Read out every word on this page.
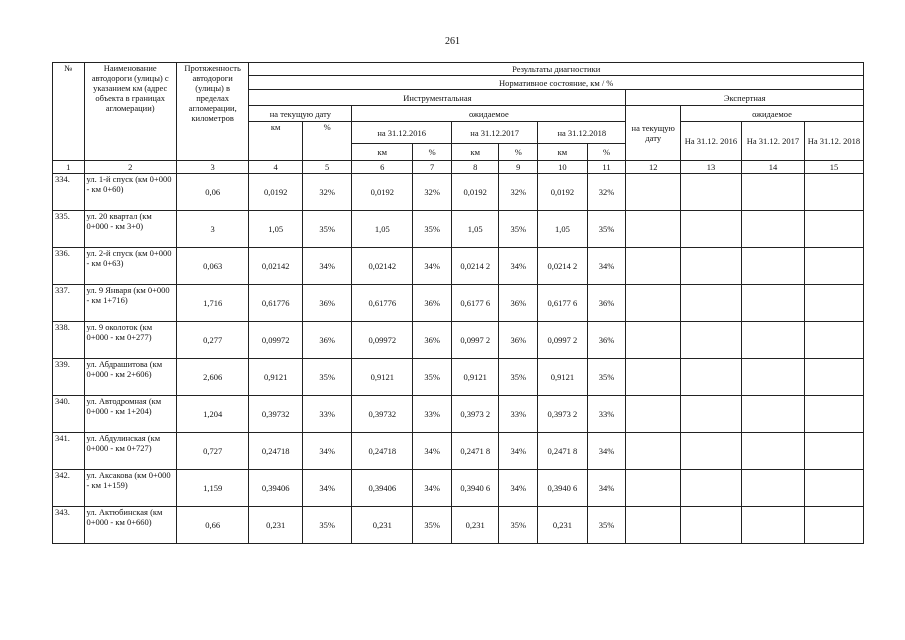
261
№	Наименование автодороги (улицы) с указанием км (адрес объекта в границах агломерации)	Протяженность автодороги (улицы) в пределах агломерации, километров	Результаты диагностики											
			Нормативное состояние, км / %											
			Инструментальная								Экспертная			
			на текущую дату		ожидаемое						на текущую дату	ожидаемое		
			км	%	на 31.12.2016		на 31.12.2017		на 31.12.2018			На 31.12. 2016	На 31.12. 2017	На 31.12. 2018
					км	%	км	%	км	%				
1	2	3	4	5	6	7	8	9	10	11	12	13	14	15
334.	ул. 1-й спуск (км 0+000 - км 0+60)	0,06	0,0192	32%	0,0192	32%	0,0192	32%	0,0192	32%				
335.	ул. 20 квартал (км 0+000 - км 3+0)	3	1,05	35%	1,05	35%	1,05	35%	1,05	35%				
336.	ул. 2-й спуск (км 0+000 - км 0+63)	0,063	0,02142	34%	0,02142	34%	0,0214 2	34%	0,0214 2	34%				
337.	ул. 9 Января (км 0+000 - км 1+716)	1,716	0,61776	36%	0,61776	36%	0,6177 6	36%	0,6177 6	36%				
338.	ул. 9 околоток (км 0+000 - км 0+277)	0,277	0,09972	36%	0,09972	36%	0,0997 2	36%	0,0997 2	36%				
339.	ул. Абдрашитова (км 0+000 - км 2+606)	2,606	0,9121	35%	0,9121	35%	0,9121	35%	0,9121	35%				
340.	ул. Автодромная (км 0+000 - км 1+204)	1,204	0,39732	33%	0,39732	33%	0,3973 2	33%	0,3973 2	33%				
341.	ул. Абдулинская (км 0+000 - км 0+727)	0,727	0,24718	34%	0,24718	34%	0,2471 8	34%	0,2471 8	34%				
342.	ул. Аксакова (км 0+000 - км 1+159)	1,159	0,39406	34%	0,39406	34%	0,3940 6	34%	0,3940 6	34%				
343.	ул. Актюбинская (км 0+000 - км 0+660)	0,66	0,231	35%	0,231	35%	0,231	35%	0,231	35%				
